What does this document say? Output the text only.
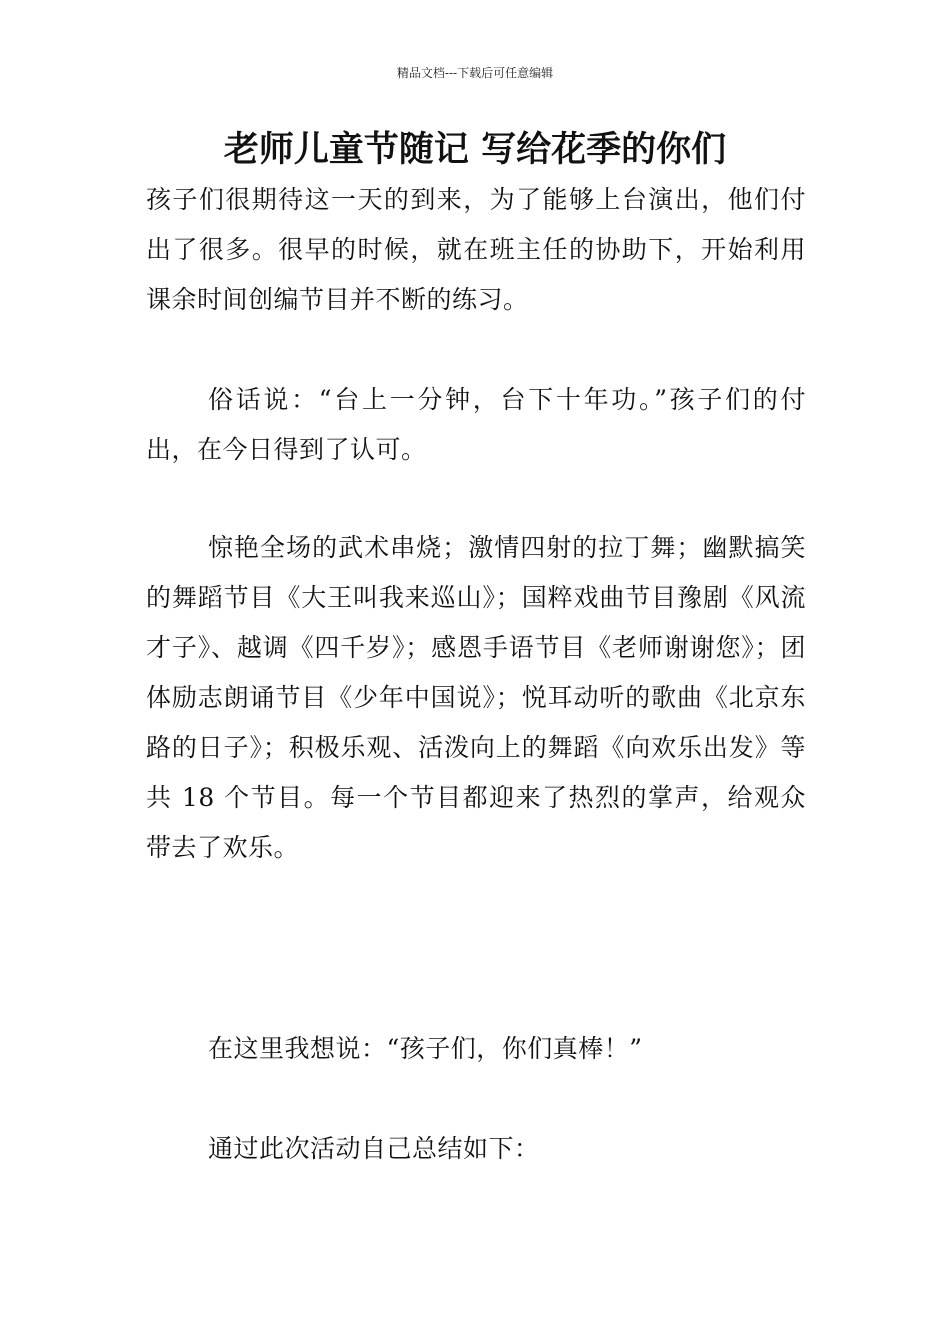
精品文档---下载后可任意编辑
老师儿童节随记 写给花季的你们

孩子们很期待这一天的到来，为了能够上台演出，他们付出了很多。很早的时候，就在班主任的协助下，开始利用课余时间创编节目并不断的练习。

俗话说：“台上一分钟，台下十年功。”孩子们的付出，在今日得到了认可。

惊艳全场的武术串烧；激情四射的拉丁舞；幽默搞笑的舞蹈节目《大王叫我来巡山》；国粹戏曲节目豫剧《风流才子》、越调《四千岁》；感恩手语节目《老师谢谢您》；团体励志朗诵节目《少年中国说》；悦耳动听的歌曲《北京东路的日子》；积极乐观、活泼向上的舞蹈《向欢乐出发》等共 18 个节目。每一个节目都迎来了热烈的掌声，给观众带去了欢乐。

在这里我想说：“孩子们，你们真棒！”

通过此次活动自己总结如下：
